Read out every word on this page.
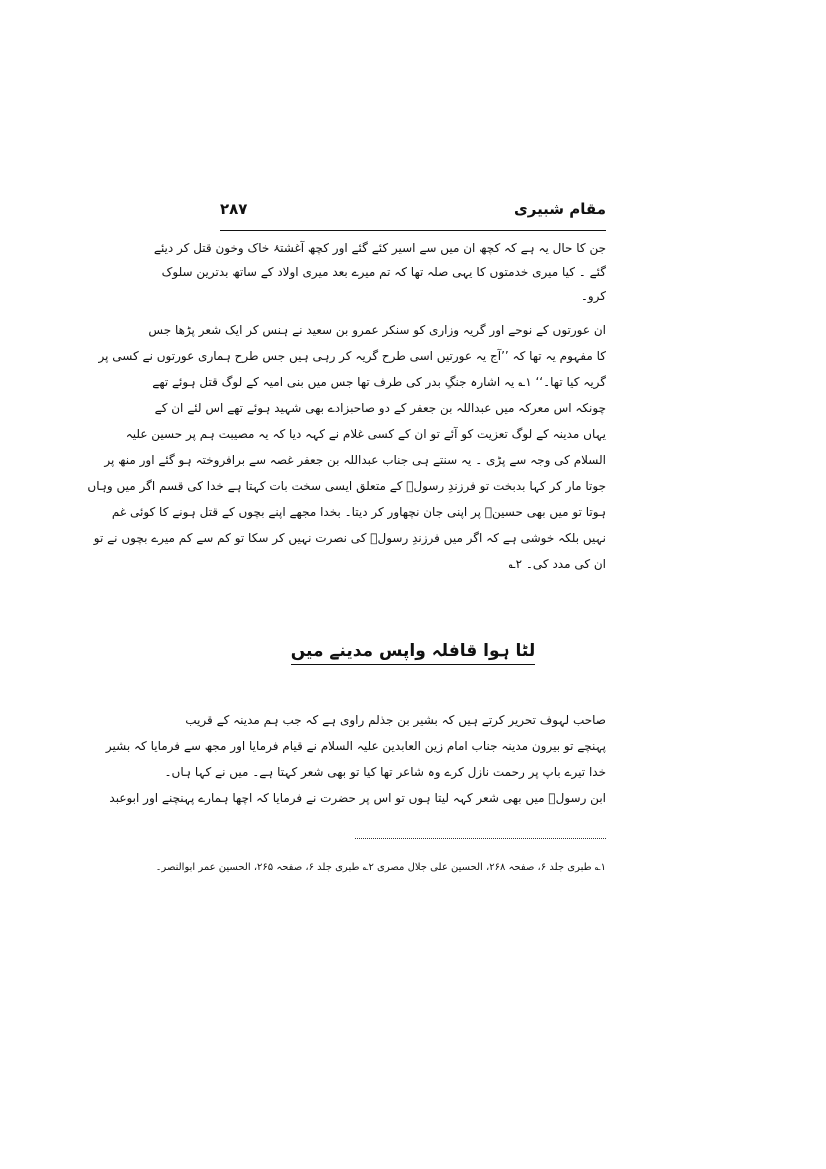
مقام شبیری
۲۸۷
جن کا حال یہ ہے کہ کچھ ان میں سے اسیر کئے گئے اور کچھ آغشتۂ خاک وخون قتل کر دیئے
گئے ۔ کیا میری خدمتوں کا یہی صلہ تھا کہ تم میرے بعد میری اولاد کے ساتھ بدترین سلوک
کرو۔
ان عورتوں کے نوحے اور گریہ وزاری کو سنکر عمرو بن سعید نے ہنس کر ایک شعر پڑھا جس
کا مفہوم یہ تھا کہ ’’آج یہ عورتیں اسی طرح گریہ کر رہی ہیں جس طرح ہماری عورتوں نے کسی پر
گریہ کیا تھا۔‘‘ ۱؎ یہ اشارہ جنگِ بدر کی طرف تھا جس میں بنی امیہ کے لوگ قتل ہوئے تھے
چونکہ اس معرکہ میں عبداللہ بن جعفر کے دو صاحبزادے بھی شہید ہوئے تھے اس لئے ان کے
یہاں مدینہ کے لوگ تعزیت کو آئے تو ان کے کسی غلام نے کہہ دیا کہ یہ مصیبت ہم پر حسین علیہ
السلام کی وجہ سے پڑی ۔ یہ سنتے ہی جناب عبداللہ بن جعفر غصہ سے برافروختہ ہو گئے اور منھ پر
جوتا مار کر کہا بدبخت تو فرزندِ رسولؐ کے متعلق ایسی سخت بات کہتا ہے خدا کی قسم اگر میں وہاں
ہوتا تو میں بھی حسینؑ پر اپنی جان نچھاور کر دیتا۔ بخدا مجھے اپنے بچوں کے قتل ہونے کا کوئی غم
نہیں بلکہ خوشی ہے کہ اگر میں فرزندِ رسولؐ کی نصرت نہیں کر سکا تو کم سے کم میرے بچوں نے تو
ان کی مدد کی۔ ۲؎
لٹا ہوا قافلہ واپس مدینے میں
صاحب لہوف تحریر کرتے ہیں کہ بشیر بن جذلم راوی ہے کہ جب ہم مدینہ کے قریب
پہنچے تو بیرون مدینہ جناب امام زین العابدین علیہ السلام نے قیام فرمایا اور مجھ سے فرمایا کہ بشیر
خدا تیرے باپ پر رحمت نازل کرے وہ شاعر تھا کیا تو بھی شعر کہتا ہے۔ میں نے کہا ہاں۔
ابن رسولؐ میں بھی شعر کہہ لیتا ہوں تو اس پر حضرت نے فرمایا کہ اچھا ہمارے پہنچنے اور ابوعبد
۱؎ طبری جلد ۶، صفحہ ۲۶۸، الحسین علی جلال مصری ۲؎ طبری جلد ۶، صفحہ ۲۶۵، الحسین عمر ابوالنصر۔
